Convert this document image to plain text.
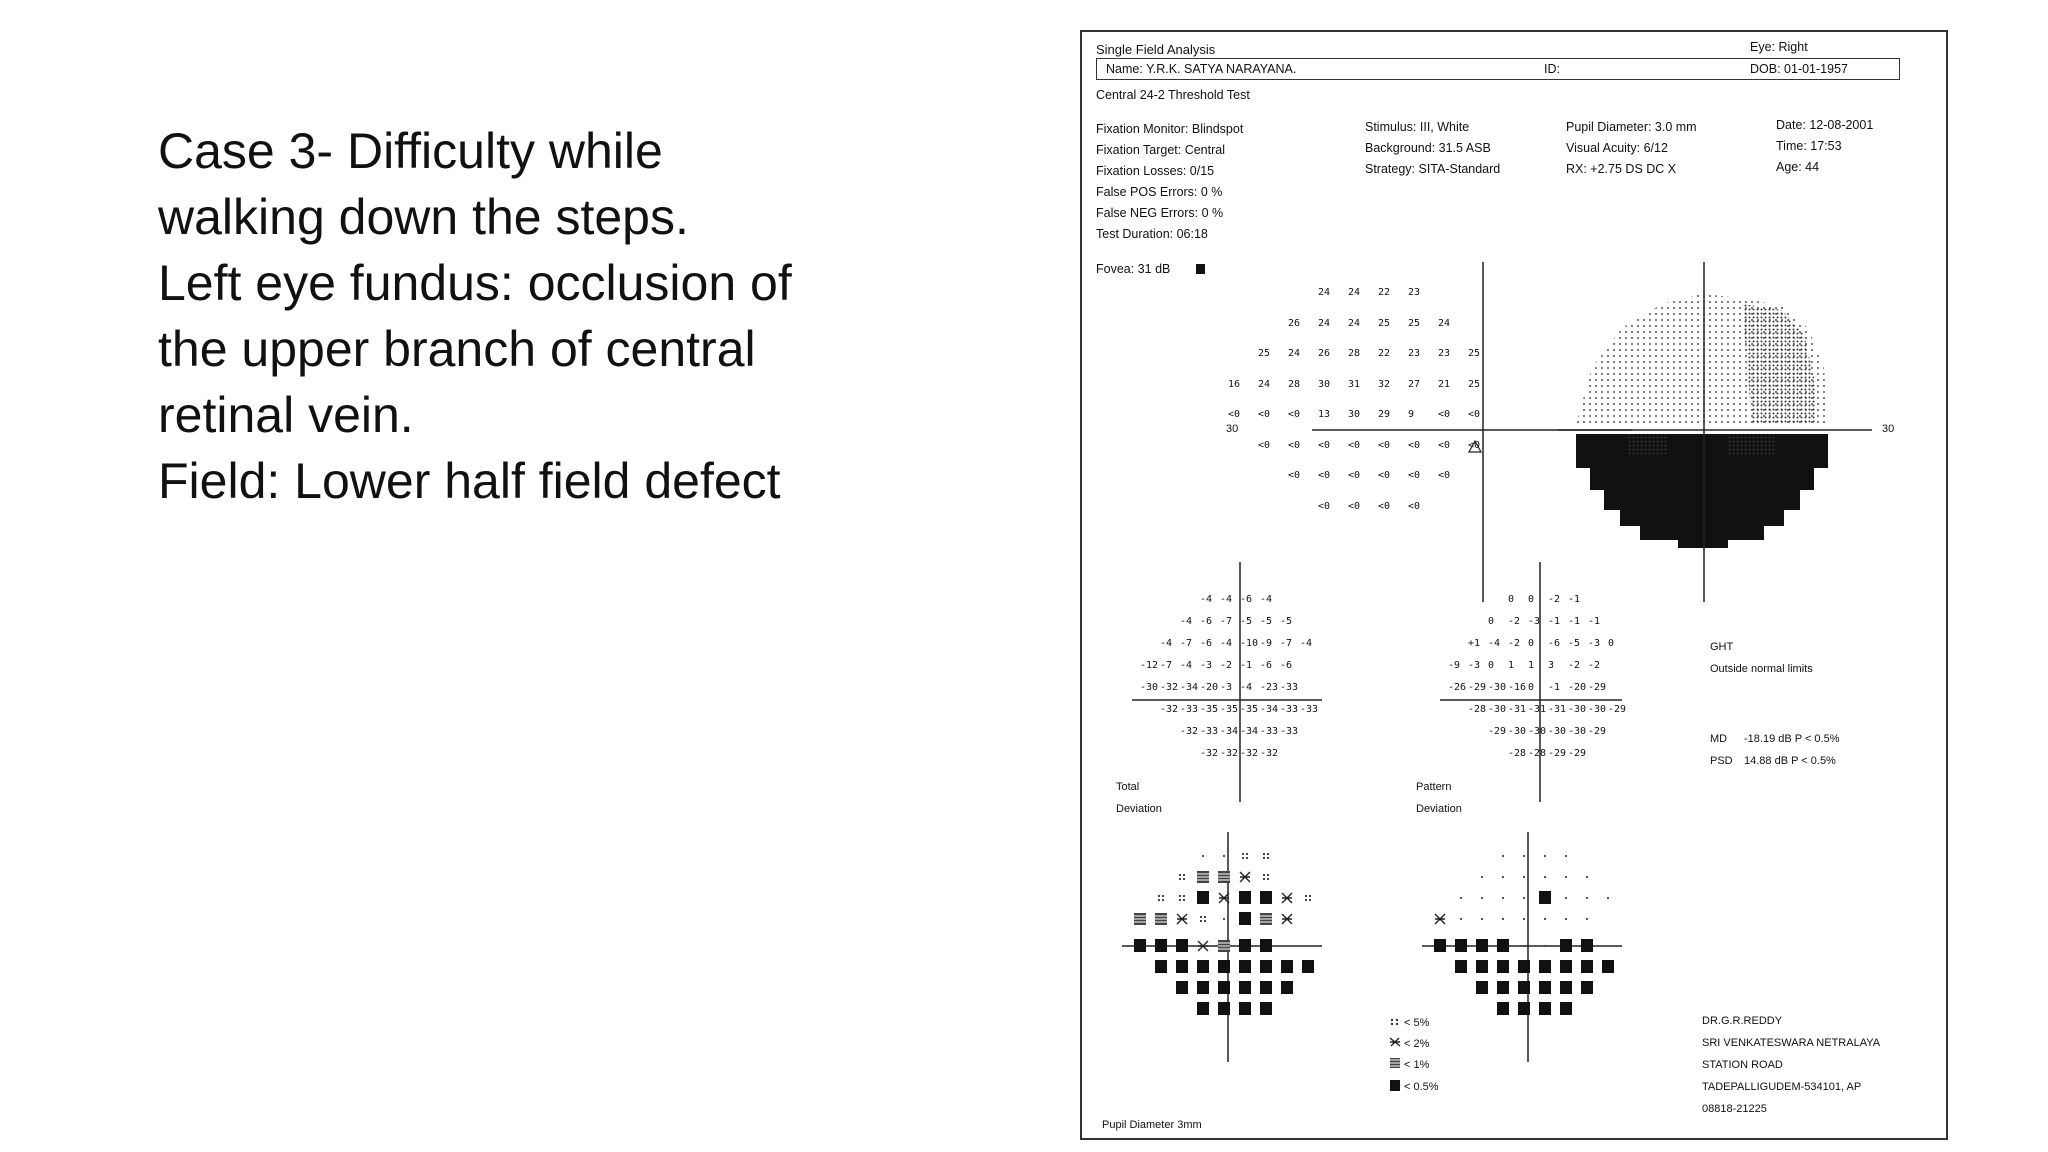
Case 3- Difficulty while
walking down the steps.
Left eye fundus: occlusion of
the upper branch of central
retinal vein.
Field: Lower half field defect
Single Field Analysis	Eye: Right
Name: Y.R.K. SATYA NARAYANA.	ID:	DOB: 01-01-1957
Central 24-2 Threshold Test
Fixation Monitor: Blindspot
Fixation Target: Central
Fixation Losses: 0/15
False POS Errors: 0 %
False NEG Errors: 0 %
Test Duration: 06:18
Stimulus: III, White
Background: 31.5 ASB
Strategy: SITA-Standard
Pupil Diameter: 3.0 mm
Visual Acuity: 6/12
RX: +2.75 DS DC X
Date: 12-08-2001
Time: 17:53
Age: 44
Fovea: 31 dB
30
24 24 22 23
26 24 24 25 25 24
25 24 26 28 22 23 23 25
16 24 28 30 31 32 27 21 25
<0 <0 <0 13 30 29 9 <0 <0
<0 <0 <0 <0 <0 <0 <0 <0
<0 <0 <0 <0 <0 <0
<0 <0 <0 <0
30
-4 -4 -6 -4
-4 -6 -7 -5 -5 -5
-4 -7 -6 -4 -10 -9 -7 -4
-12 -7 -4 -3 -2 -1 -6 -6
-30 -32 -34 -20 -3 -4 -23 -33
-32 -33 -35 -35 -35 -34 -33 -33
-32 -33 -34 -34 -33 -33
-32 -32 -32 -32
0 0 -2 -1
0 -2 -3 -1 -1 -1
+1 -4 -2 0 -6 -5 -3 0
-9 -3 0 1 1 3 -2 -2
-26 -29 -30 -16 0 -1 -20 -29
-28 -30 -31 -31 -31 -30 -30 -29
-29 -30 -30 -30 -30 -29
-28 -28 -29 -29
Total
Deviation
Pattern
Deviation
GHT
Outside normal limits
MD -18.19 dB P < 0.5%
PSD 14.88 dB P < 0.5%
< 5%
< 2%
< 1%
< 0.5%
DR.G.R.REDDY
SRI VENKATESWARA NETRALAYA
STATION ROAD
TADEPALLIGUDEM-534101, AP
08818-21225
Pupil Diameter 3mm
